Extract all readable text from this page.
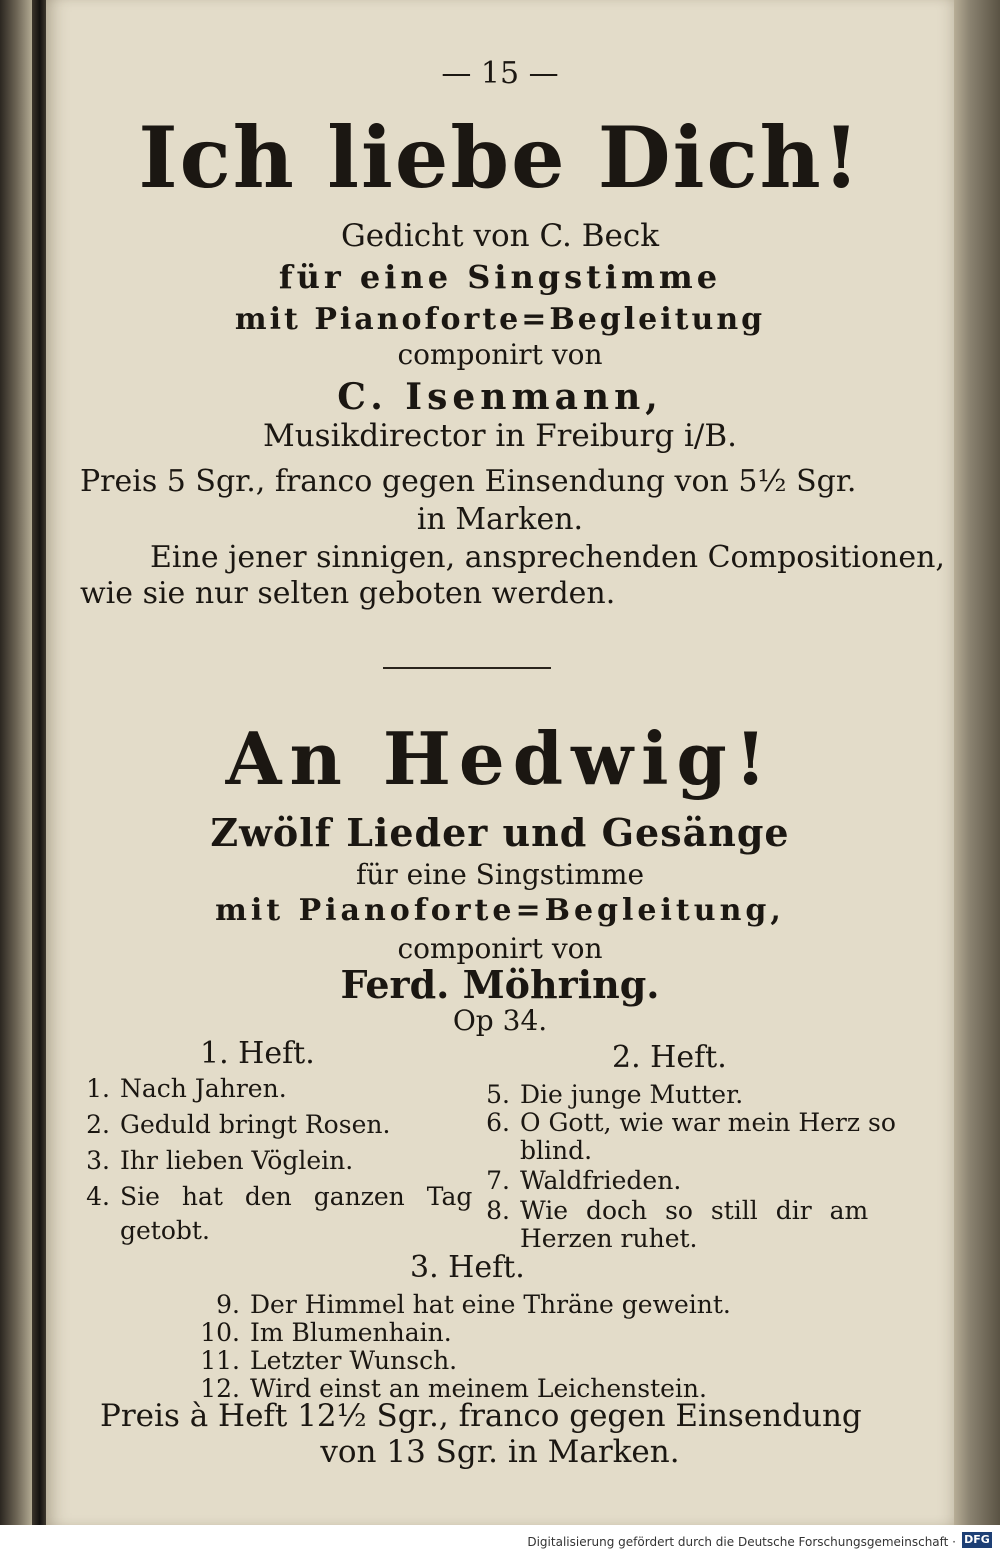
— 15 —
Ich liebe Dich!
Gedicht von C. Beck
für eine Singstimme
mit Pianoforte=Begleitung
componirt von
C. Isenmann,
Musikdirector in Freiburg i/B.
Preis 5 Sgr., franco gegen Einsendung von 5½ Sgr.
in Marken.
Eine jener sinnigen, ansprechenden Compositionen,
wie sie nur selten geboten werden.
An Hedwig!
Zwölf Lieder und Gesänge
für eine Singstimme
mit Pianoforte=Begleitung,
componirt von
Ferd. Möhring.
Op 34.
1. Heft.	2. Heft.
1. Nach Jahren.
2. Geduld bringt Rosen.
3. Ihr lieben Vöglein.
4. Sie hat den ganzen Tag
getobt.
5. Die junge Mutter.
6. O Gott, wie war mein Herz so
blind.
7. Waldfrieden.
8. Wie doch so still dir am
Herzen ruhet.
3. Heft.
9. Der Himmel hat eine Thräne geweint.
10. Im Blumenhain.
11. Letzter Wunsch.
12. Wird einst an meinem Leichenstein.
Preis à Heft 12½ Sgr., franco gegen Einsendung
von 13 Sgr. in Marken.
Digitalisierung gefördert durch die Deutsche Forschungsgemeinschaft · DFG
